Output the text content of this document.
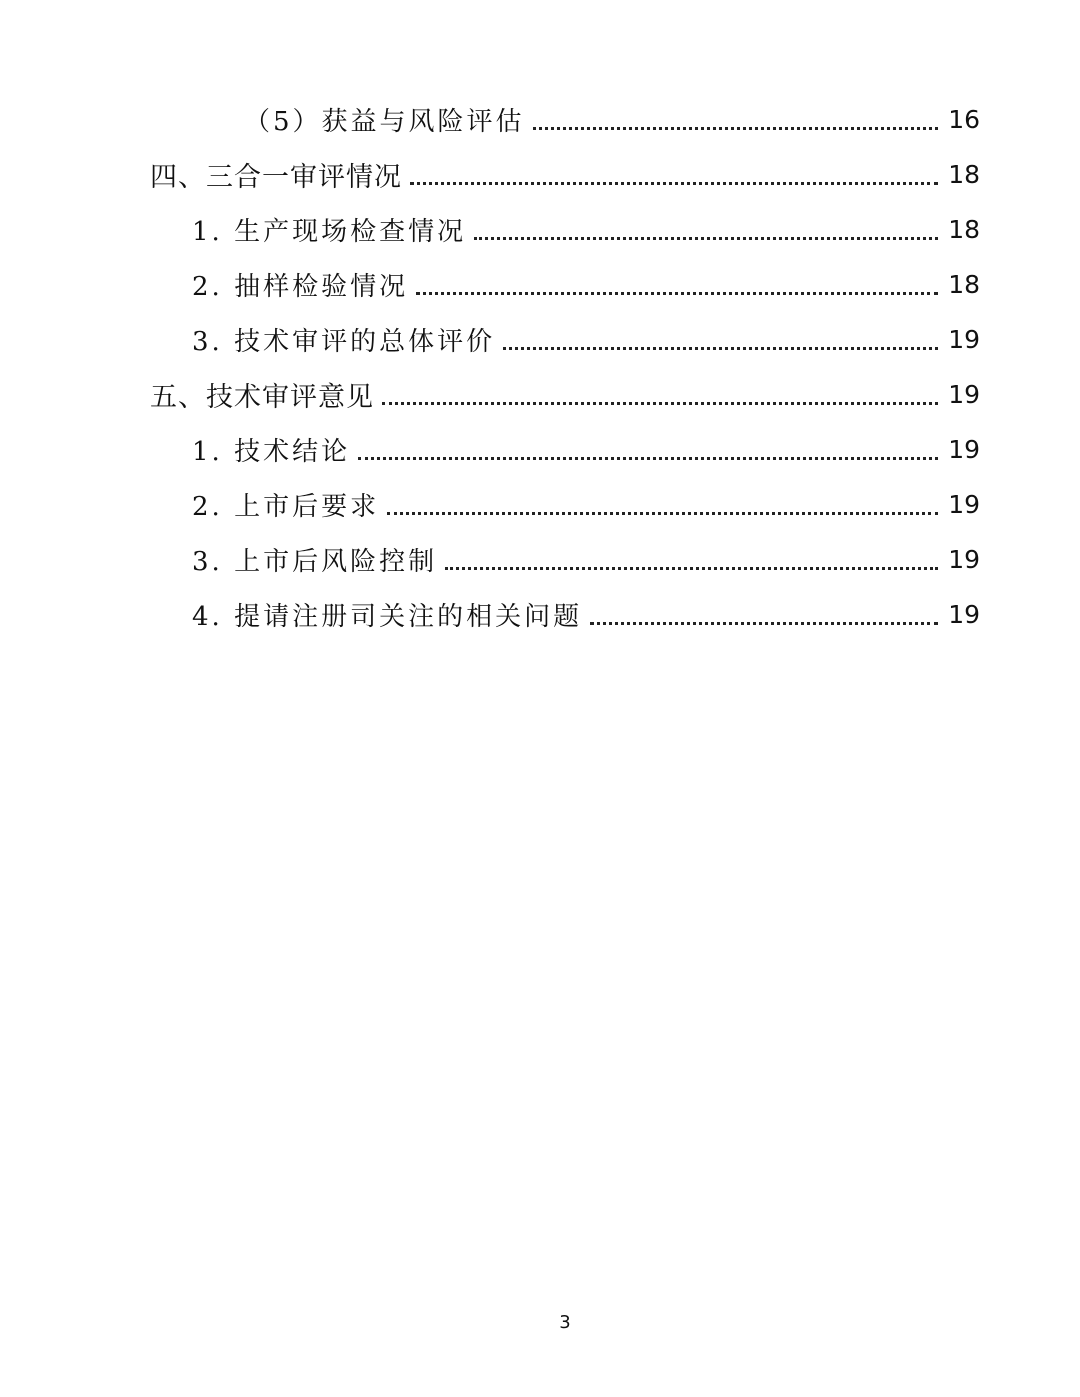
（5）获益与风险评估	16
四、三合一审评情况	18
1. 生产现场检查情况	18
2. 抽样检验情况	18
3. 技术审评的总体评价	19
五、技术审评意见	19
1. 技术结论	19
2. 上市后要求	19
3. 上市后风险控制	19
4. 提请注册司关注的相关问题	19
3
